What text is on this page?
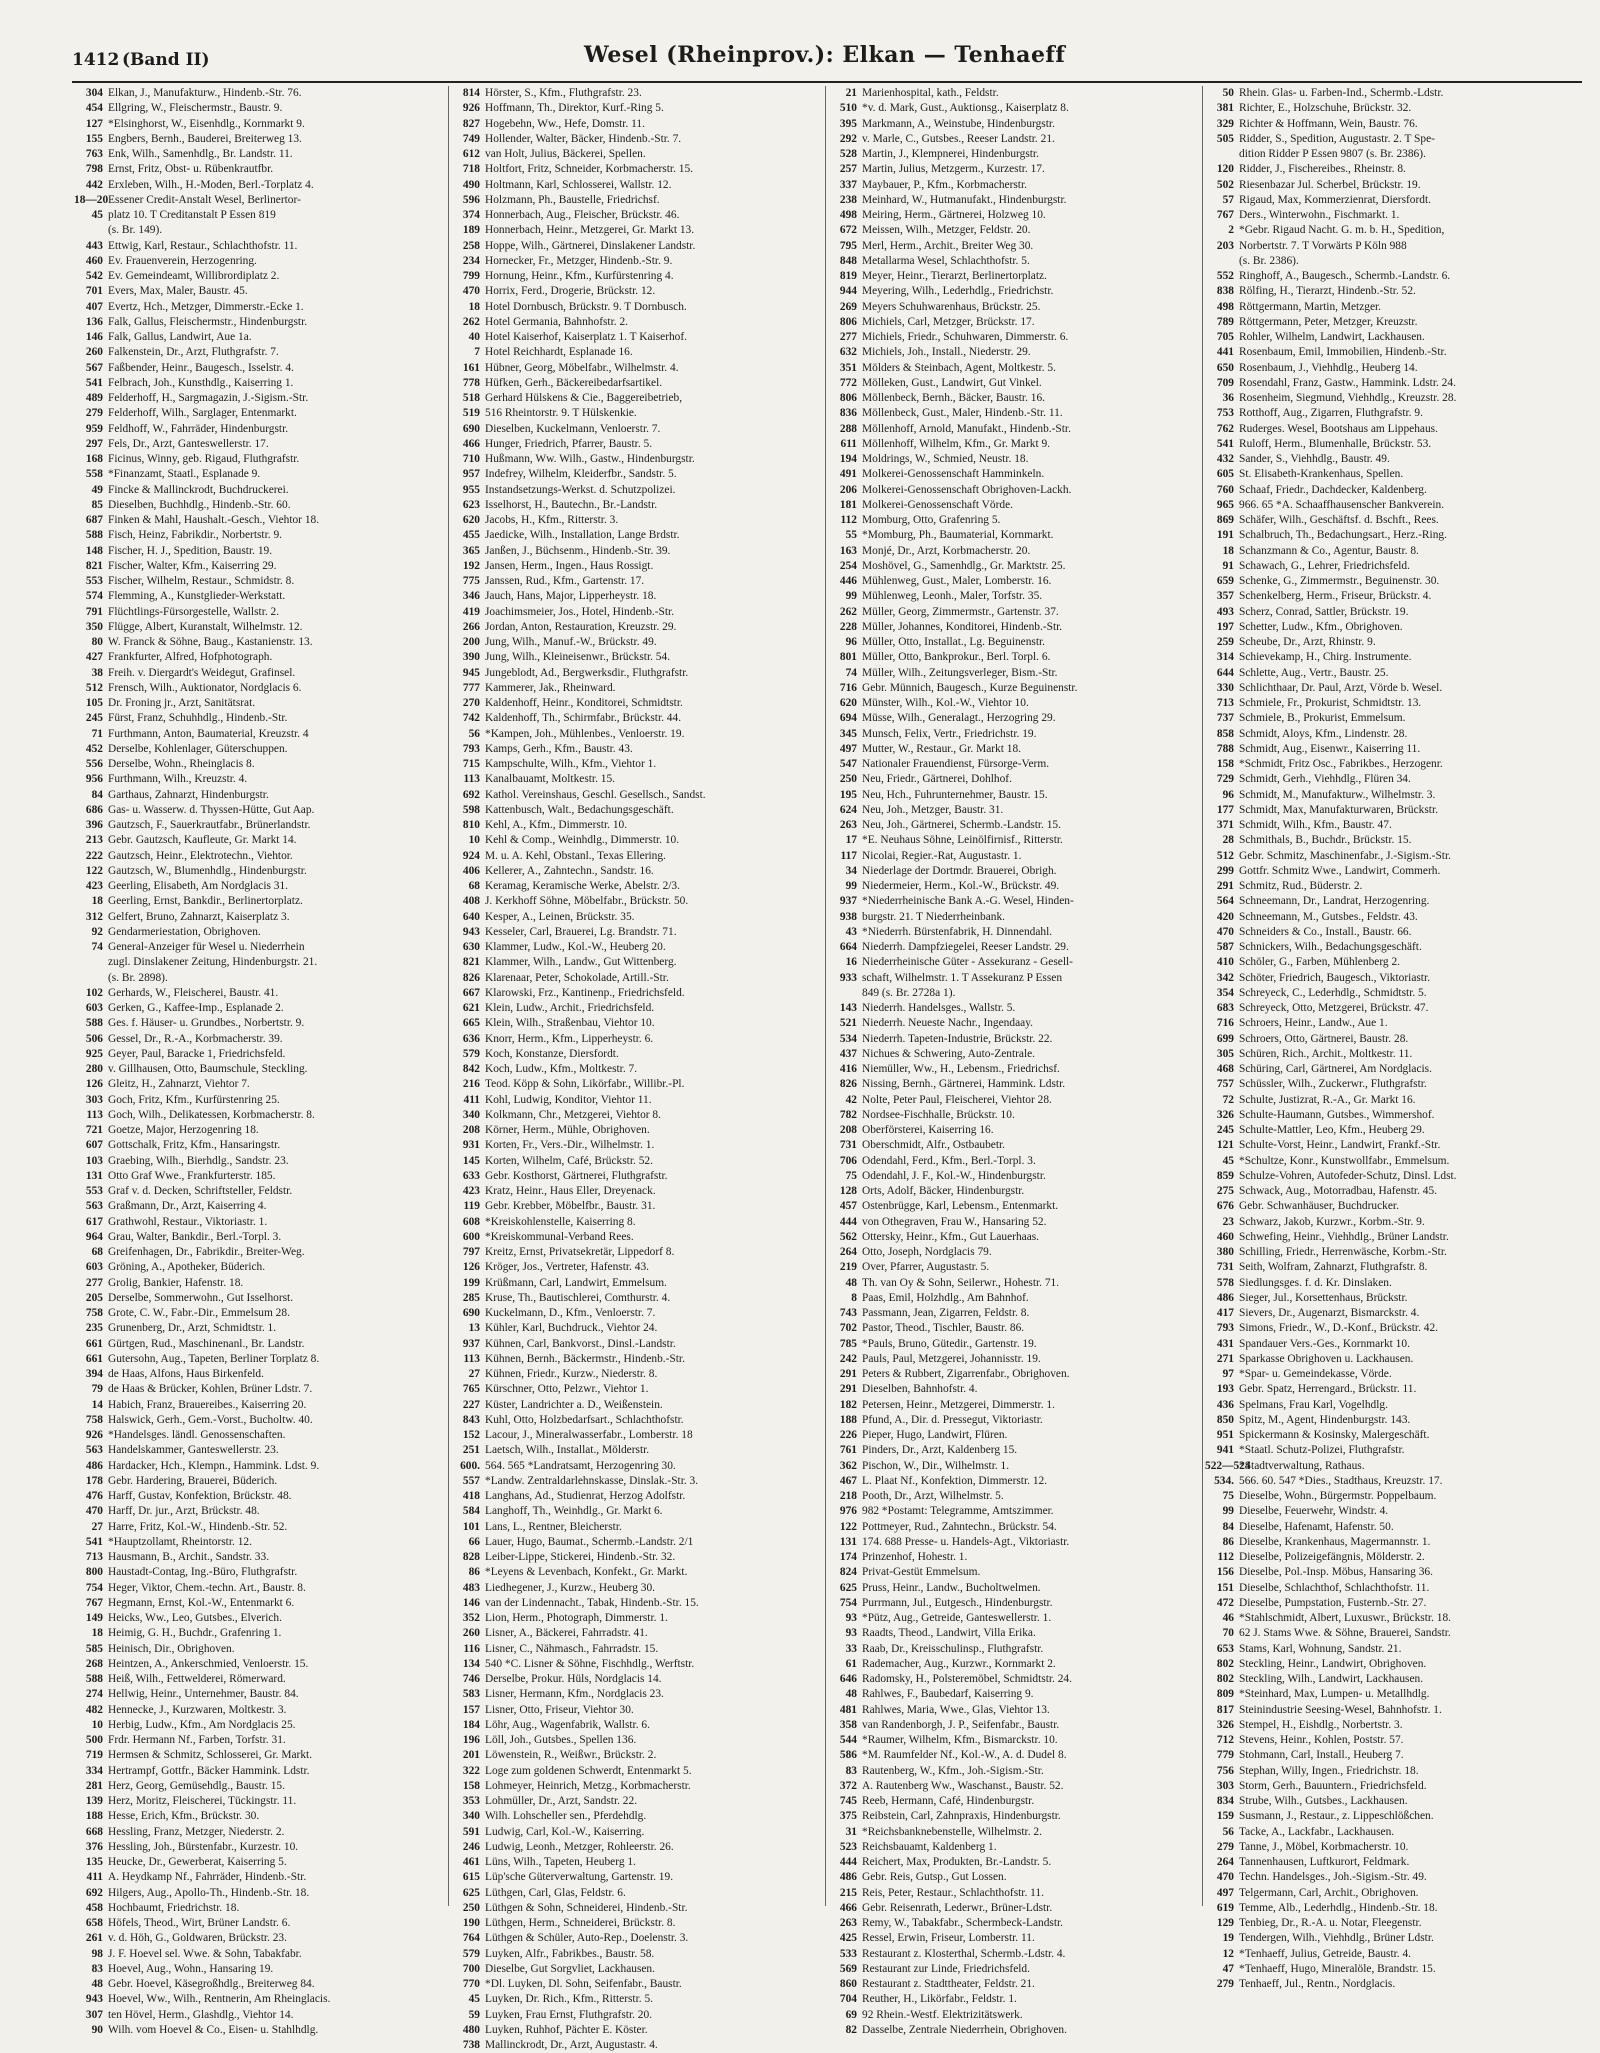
1412 (Band II)	Wesel (Rheinprov.): Elkan — Tenhaeff
304 Elkan, J., Manufakturw., Hindenb.-Str. 76.
454 Ellgring, W., Fleischermstr., Baustr. 9.
127 *Elsinghorst, W., Eisenhdlg., Kornmarkt 9.
155 Engbers, Bernh., Bauderei, Breiterweg 13.
763 Enk, Wilh., Samenhdlg., Br. Landstr. 11.
798 Ernst, Fritz, Obst- u. Rübenkrautfbr.
442 Erxleben, Wilh., H.-Moden, Berl.-Torplatz 4.
18—20 Essener Credit-Anstalt Wesel, Berlinertor-
45 platz 10. T Creditanstalt P Essen 819
(s. Br. 149).
443 Ettwig, Karl, Restaur., Schlachthofstr. 11.
460 Ev. Frauenverein, Herzogenring.
542 Ev. Gemeindeamt, Willibrordiplatz 2.
701 Evers, Max, Maler, Baustr. 45.
407 Evertz, Hch., Metzger, Dimmerstr.-Ecke 1.
136 Falk, Gallus, Fleischermstr., Hindenburgstr.
146 Falk, Gallus, Landwirt, Aue 1a.
260 Falkenstein, Dr., Arzt, Fluthgrafstr. 7.
567 Faßbender, Heinr., Baugesch., Isselstr. 4.
541 Felbrach, Joh., Kunsthdlg., Kaiserring 1.
489 Felderhoff, H., Sargmagazin, J.-Sigism.-Str.
279 Felderhoff, Wilh., Sarglager, Entenmarkt.
959 Feldhoff, W., Fahrräder, Hindenburgstr.
297 Fels, Dr., Arzt, Ganteswellerstr. 17.
168 Ficinus, Winny, geb. Rigaud, Fluthgrafstr.
558 *Finanzamt, Staatl., Esplanade 9.
49 Fincke & Mallinckrodt, Buchdruckerei.
85 Dieselben, Buchhdlg., Hindenb.-Str. 60.
687 Finken & Mahl, Haushalt.-Gesch., Viehtor 18.
588 Fisch, Heinz, Fabrikdir., Norbertstr. 9.
148 Fischer, H. J., Spedition, Baustr. 19.
821 Fischer, Walter, Kfm., Kaiserring 29.
553 Fischer, Wilhelm, Restaur., Schmidstr. 8.
574 Flemming, A., Kunstglieder-Werkstatt.
791 Flüchtlings-Fürsorgestelle, Wallstr. 2.
350 Flügge, Albert, Kuranstalt, Wilhelmstr. 12.
80 W. Franck & Söhne, Baug., Kastanienstr. 13.
427 Frankfurter, Alfred, Hofphotograph.
38 Freih. v. Diergardt's Weidegut, Grafinsel.
512 Frensch, Wilh., Auktionator, Nordglacis 6.
105 Dr. Froning jr., Arzt, Sanitätsrat.
245 Fürst, Franz, Schuhhdlg., Hindenb.-Str.
71 Furthmann, Anton, Baumaterial, Kreuzstr. 4
452 Derselbe, Kohlenlager, Güterschuppen.
556 Derselbe, Wohn., Rheinglacis 8.
956 Furthmann, Wilh., Kreuzstr. 4.
84 Garthaus, Zahnarzt, Hindenburgstr.
686 Gas- u. Wasserw. d. Thyssen-Hütte, Gut Aap.
396 Gautzsch, F., Sauerkrautfabr., Brünerlandstr.
213 Gebr. Gautzsch, Kaufleute, Gr. Markt 14.
222 Gautzsch, Heinr., Elektrotechn., Viehtor.
122 Gautzsch, W., Blumenhdlg., Hindenburgstr.
423 Geerling, Elisabeth, Am Nordglacis 31.
18 Geerling, Ernst, Bankdir., Berlinertorplatz.
312 Gelfert, Bruno, Zahnarzt, Kaiserplatz 3.
92 Gendarmeriestation, Obrighoven.
74 General-Anzeiger für Wesel u. Niederrhein
zugl. Dinslakener Zeitung, Hindenburgstr. 21.
(s. Br. 2898).
102 Gerhards, W., Fleischerei, Baustr. 41.
603 Gerken, G., Kaffee-Imp., Esplanade 2.
588 Ges. f. Häuser- u. Grundbes., Norbertstr. 9.
506 Gessel, Dr., R.-A., Korbmacherstr. 39.
925 Geyer, Paul, Baracke 1, Friedrichsfeld.
280 v. Gillhausen, Otto, Baumschule, Steckling.
126 Gleitz, H., Zahnarzt, Viehtor 7.
303 Goch, Fritz, Kfm., Kurfürstenring 25.
113 Goch, Wilh., Delikatessen, Korbmacherstr. 8.
721 Goetze, Major, Herzogenring 18.
607 Gottschalk, Fritz, Kfm., Hansaringstr.
103 Graebing, Wilh., Bierhdlg., Sandstr. 23.
131 Otto Graf Wwe., Frankfurterstr. 185.
553 Graf v. d. Decken, Schriftsteller, Feldstr.
563 Graßmann, Dr., Arzt, Kaiserring 4.
617 Grathwohl, Restaur., Viktoriastr. 1.
964 Grau, Walter, Bankdir., Berl.-Torpl. 3.
68 Greifenhagen, Dr., Fabrikdir., Breiter-Weg.
603 Gröning, A., Apotheker, Büderich.
277 Grolig, Bankier, Hafenstr. 18.
205 Derselbe, Sommerwohn., Gut Isselhorst.
758 Grote, C. W., Fabr.-Dir., Emmelsum 28.
235 Grunenberg, Dr., Arzt, Schmidtstr. 1.
661 Gürtgen, Rud., Maschinenanl., Br. Landstr.
661 Gutersohn, Aug., Tapeten, Berliner Torplatz 8.
394 de Haas, Alfons, Haus Birkenfeld.
79 de Haas & Brücker, Kohlen, Brüner Ldstr. 7.
14 Habich, Franz, Brauereibes., Kaiserring 20.
758 Halswick, Gerh., Gem.-Vorst., Bucholtw. 40.
926 *Handelsges. ländl. Genossenschaften.
563 Handelskammer, Ganteswellerstr. 23.
486 Hardacker, Hch., Klempn., Hammink. Ldst. 9.
178 Gebr. Hardering, Brauerei, Büderich.
476 Harff, Gustav, Konfektion, Brückstr. 48.
470 Harff, Dr. jur., Arzt, Brückstr. 48.
27 Harre, Fritz, Kol.-W., Hindenb.-Str. 52.
541 *Hauptzollamt, Rheintorstr. 12.
713 Hausmann, B., Archit., Sandstr. 33.
800 Haustadt-Contag, Ing.-Büro, Fluthgrafstr.
754 Heger, Viktor, Chem.-techn. Art., Baustr. 8.
767 Hegmann, Ernst, Kol.-W., Entenmarkt 6.
149 Heicks, Ww., Leo, Gutsbes., Elverich.
18 Heimig, G. H., Buchdr., Grafenring 1.
585 Heinisch, Dir., Obrighoven.
268 Heintzen, A., Ankerschmied, Venloerstr. 15.
588 Heiß, Wilh., Fettwelderei, Römerward.
274 Hellwig, Heinr., Unternehmer, Baustr. 84.
482 Hennecke, J., Kurzwaren, Moltkestr. 3.
10 Herbig, Ludw., Kfm., Am Nordglacis 25.
500 Frdr. Hermann Nf., Farben, Torfstr. 31.
719 Hermsen & Schmitz, Schlosserei, Gr. Markt.
334 Hertrampf, Gottfr., Bäcker Hammink. Ldstr.
281 Herz, Georg, Gemüsehdlg., Baustr. 15.
139 Herz, Moritz, Fleischerei, Tückingstr. 11.
188 Hesse, Erich, Kfm., Brückstr. 30.
668 Hessling, Franz, Metzger, Niederstr. 2.
376 Hessling, Joh., Bürstenfabr., Kurzestr. 10.
135 Heucke, Dr., Gewerberat, Kaiserring 5.
411 A. Heydkamp Nf., Fahrräder, Hindenb.-Str.
692 Hilgers, Aug., Apollo-Th., Hindenb.-Str. 18.
458 Hochbaumt, Friedrichstr. 18.
658 Höfels, Theod., Wirt, Brüner Landstr. 6.
261 v. d. Höh, G., Goldwaren, Brückstr. 23.
98 J. F. Hoevel sel. Wwe. & Sohn, Tabakfabr.
83 Hoevel, Aug., Wohn., Hansaring 19.
48 Gebr. Hoevel, Käsegroßhdlg., Breiterweg 84.
943 Hoevel, Ww., Wilh., Rentnerin, Am Rheinglacis.
307 ten Hövel, Herm., Glashdlg., Viehtor 14.
90 Wilh. vom Hoevel & Co., Eisen- u. Stahlhdlg.
814 Hörster, S., Kfm., Fluthgrafstr. 23.
926 Hoffmann, Th., Direktor, Kurf.-Ring 5.
827 Hogebehn, Ww., Hefe, Domstr. 11.
749 Hollender, Walter, Bäcker, Hindenb.-Str. 7.
612 van Holt, Julius, Bäckerei, Spellen.
718 Holtfort, Fritz, Schneider, Korbmacherstr. 15.
490 Holtmann, Karl, Schlosserei, Wallstr. 12.
596 Holzmann, Ph., Baustelle, Friedrichsf.
374 Honnerbach, Aug., Fleischer, Brückstr. 46.
189 Honnerbach, Heinr., Metzgerei, Gr. Markt 13.
258 Hoppe, Wilh., Gärtnerei, Dinslakener Landstr.
234 Hornecker, Fr., Metzger, Hindenb.-Str. 9.
799 Hornung, Heinr., Kfm., Kurfürstenring 4.
470 Horrix, Ferd., Drogerie, Brückstr. 12.
18 Hotel Dornbusch, Brückstr. 9. T Dornbusch.
262 Hotel Germania, Bahnhofstr. 2.
40 Hotel Kaiserhof, Kaiserplatz 1. T Kaiserhof.
7 Hotel Reichhardt, Esplanade 16.
161 Hübner, Georg, Möbelfabr., Wilhelmstr. 4.
778 Hüfken, Gerh., Bäckereibedarfsartikel.
518 Gerhard Hülskens & Cie., Baggereibetrieb,
519 516 Rheintorstr. 9. T Hülskenkie.
690 Dieselben, Kuckelmann, Venloerstr. 7.
466 Hunger, Friedrich, Pfarrer, Baustr. 5.
710 Hußmann, Ww. Wilh., Gastw., Hindenburgstr.
957 Indefrey, Wilhelm, Kleiderfbr., Sandstr. 5.
955 Instandsetzungs-Werkst. d. Schutzpolizei.
623 Isselhorst, H., Bautechn., Br.-Landstr.
620 Jacobs, H., Kfm., Ritterstr. 3.
455 Jaedicke, Wilh., Installation, Lange Brdstr.
365 Janßen, J., Büchsenm., Hindenb.-Str. 39.
192 Jansen, Herm., Ingen., Haus Rossigt.
775 Janssen, Rud., Kfm., Gartenstr. 17.
346 Jauch, Hans, Major, Lipperheystr. 18.
419 Joachimsmeier, Jos., Hotel, Hindenb.-Str.
266 Jordan, Anton, Restauration, Kreuzstr. 29.
200 Jung, Wilh., Manuf.-W., Brückstr. 49.
390 Jung, Wilh., Kleineisenwr., Brückstr. 54.
945 Jungeblodt, Ad., Bergwerksdir., Fluthgrafstr.
777 Kammerer, Jak., Rheinward.
270 Kaldenhoff, Heinr., Konditorei, Schmidtstr.
742 Kaldenhoff, Th., Schirmfabr., Brückstr. 44.
56 *Kampen, Joh., Mühlenbes., Venloerstr. 19.
793 Kamps, Gerh., Kfm., Baustr. 43.
715 Kampschulte, Wilh., Kfm., Viehtor 1.
113 Kanalbauamt, Moltkestr. 15.
692 Kathol. Vereinshaus, Geschl. Gesellsch., Sandst.
598 Kattenbusch, Walt., Bedachungsgeschäft.
810 Kehl, A., Kfm., Dimmerstr. 10.
10 Kehl & Comp., Weinhdlg., Dimmerstr. 10.
924 M. u. A. Kehl, Obstanl., Texas Ellering.
406 Kellerer, A., Zahntechn., Sandstr. 16.
68 Keramag, Keramische Werke, Abelstr. 2/3.
408 J. Kerkhoff Söhne, Möbelfabr., Brückstr. 50.
640 Kesper, A., Leinen, Brückstr. 35.
943 Kesseler, Carl, Brauerei, Lg. Brandstr. 71.
630 Klammer, Ludw., Kol.-W., Heuberg 20.
821 Klammer, Wilh., Landw., Gut Wittenberg.
826 Klarenaar, Peter, Schokolade, Artill.-Str.
667 Klarowski, Frz., Kantinenp., Friedrichsfeld.
621 Klein, Ludw., Archit., Friedrichsfeld.
665 Klein, Wilh., Straßenbau, Viehtor 10.
636 Knorr, Herm., Kfm., Lipperheystr. 6.
579 Koch, Konstanze, Diersfordt.
842 Koch, Ludw., Kfm., Moltkestr. 7.
216 Teod. Köpp & Sohn, Likörfabr., Willibr.-Pl.
411 Kohl, Ludwig, Konditor, Viehtor 11.
340 Kolkmann, Chr., Metzgerei, Viehtor 8.
208 Körner, Herm., Mühle, Obrighoven.
931 Korten, Fr., Vers.-Dir., Wilhelmstr. 1.
145 Korten, Wilhelm, Café, Brückstr. 52.
633 Gebr. Kosthorst, Gärtnerei, Fluthgrafstr.
423 Kratz, Heinr., Haus Eller, Dreyenack.
119 Gebr. Krebber, Möbelfbr., Baustr. 31.
608 *Kreiskohlenstelle, Kaiserring 8.
600 *Kreiskommunal-Verband Rees.
797 Kreitz, Ernst, Privatsekretär, Lippedorf 8.
126 Kröger, Jos., Vertreter, Hafenstr. 43.
199 Krüßmann, Carl, Landwirt, Emmelsum.
285 Kruse, Th., Bautischlerei, Comthurstr. 4.
690 Kuckelmann, D., Kfm., Venloerstr. 7.
13 Kühler, Karl, Buchdruck., Viehtor 24.
937 Kühnen, Carl, Bankvorst., Dinsl.-Landstr.
113 Kühnen, Bernh., Bäckermstr., Hindenb.-Str.
27 Kühnen, Friedr., Kurzw., Niederstr. 8.
765 Kürschner, Otto, Pelzwr., Viehtor 1.
227 Küster, Landrichter a. D., Weißenstein.
843 Kuhl, Otto, Holzbedarfsart., Schlachthofstr.
152 Lacour, J., Mineralwasserfabr., Lomberstr. 18
251 Laetsch, Wilh., Installat., Mölderstr.
600. 564. 565 *Landratsamt, Herzogenring 30.
557 *Landw. Zentraldarlehnskasse, Dinslak.-Str. 3.
418 Langhans, Ad., Studienrat, Herzog Adolfstr.
584 Langhoff, Th., Weinhdlg., Gr. Markt 6.
101 Lans, L., Rentner, Bleicherstr.
66 Lauer, Hugo, Baumat., Schermb.-Landstr. 2/1
828 Leiber-Lippe, Stickerei, Hindenb.-Str. 32.
86 *Leyens & Levenbach, Konfekt., Gr. Markt.
483 Liedhegener, J., Kurzw., Heuberg 30.
146 van der Lindennacht., Tabak, Hindenb.-Str. 15.
352 Lion, Herm., Photograph, Dimmerstr. 1.
260 Lisner, A., Bäckerei, Fahrradstr. 41.
116 Lisner, C., Nähmasch., Fahrradstr. 15.
134 540 *C. Lisner & Söhne, Fischhdlg., Werftstr.
746 Derselbe, Prokur. Hüls, Nordglacis 14.
583 Lisner, Hermann, Kfm., Nordglacis 23.
157 Lisner, Otto, Friseur, Viehtor 30.
184 Löhr, Aug., Wagenfabrik, Wallstr. 6.
196 Löll, Joh., Gutsbes., Spellen 136.
201 Löwenstein, R., Weißwr., Brückstr. 2.
322 Loge zum goldenen Schwerdt, Entenmarkt 5.
158 Lohmeyer, Heinrich, Metzg., Korbmacherstr.
353 Lohmüller, Dr., Arzt, Sandstr. 22.
340 Wilh. Lohscheller sen., Pferdehdlg.
591 Ludwig, Carl, Kol.-W., Kaiserring.
246 Ludwig, Leonh., Metzger, Rohleerstr. 26.
461 Lüns, Wilh., Tapeten, Heuberg 1.
615 Lüp'sche Güterverwaltung, Gartenstr. 19.
625 Lüthgen, Carl, Glas, Feldstr. 6.
250 Lüthgen & Sohn, Schneiderei, Hindenb.-Str.
190 Lüthgen, Herm., Schneiderei, Brückstr. 8.
764 Lüthgen & Schüler, Auto-Rep., Doelenstr. 3.
579 Luyken, Alfr., Fabrikbes., Baustr. 58.
700 Dieselbe, Gut Sorgvliet, Lackhausen.
770 *Dl. Luyken, Dl. Sohn, Seifenfabr., Baustr.
45 Luyken, Dr. Rich., Kfm., Ritterstr. 5.
59 Luyken, Frau Ernst, Fluthgrafstr. 20.
480 Luyken, Ruhhof, Pächter E. Köster.
738 Mallinckrodt, Dr., Arzt, Augustastr. 4.
21 Marienhospital, kath., Feldstr.
510 *v. d. Mark, Gust., Auktionsg., Kaiserplatz 8.
395 Markmann, A., Weinstube, Hindenburgstr.
292 v. Marle, C., Gutsbes., Reeser Landstr. 21.
528 Martin, J., Klempnerei, Hindenburgstr.
257 Martin, Julius, Metzgerm., Kurzestr. 17.
337 Maybauer, P., Kfm., Korbmacherstr.
238 Meinhard, W., Hutmanufakt., Hindenburgstr.
498 Meiring, Herm., Gärtnerei, Holzweg 10.
672 Meissen, Wilh., Metzger, Feldstr. 20.
795 Merl, Herm., Archit., Breiter Weg 30.
848 Metallarma Wesel, Schlachthofstr. 5.
819 Meyer, Heinr., Tierarzt, Berlinertorplatz.
944 Meyering, Wilh., Lederhdlg., Friedrichstr.
269 Meyers Schuhwarenhaus, Brückstr. 25.
806 Michiels, Carl, Metzger, Brückstr. 17.
277 Michiels, Friedr., Schuhwaren, Dimmerstr. 6.
632 Michiels, Joh., Install., Niederstr. 29.
351 Mölders & Steinbach, Agent, Moltkestr. 5.
772 Mölleken, Gust., Landwirt, Gut Vinkel.
806 Möllenbeck, Bernh., Bäcker, Baustr. 16.
836 Möllenbeck, Gust., Maler, Hindenb.-Str. 11.
288 Möllenhoff, Arnold, Manufakt., Hindenb.-Str.
611 Möllenhoff, Wilhelm, Kfm., Gr. Markt 9.
194 Moldrings, W., Schmied, Neustr. 18.
491 Molkerei-Genossenschaft Hamminkeln.
206 Molkerei-Genossenschaft Obrighoven-Lackh.
181 Molkerei-Genossenschaft Vörde.
112 Momburg, Otto, Grafenring 5.
55 *Momburg, Ph., Baumaterial, Kornmarkt.
163 Monjé, Dr., Arzt, Korbmacherstr. 20.
254 Moshövel, G., Samenhdlg., Gr. Marktstr. 25.
446 Mühlenweg, Gust., Maler, Lomberstr. 16.
99 Mühlenweg, Leonh., Maler, Torfstr. 35.
262 Müller, Georg, Zimmermstr., Gartenstr. 37.
228 Müller, Johannes, Konditorei, Hindenb.-Str.
96 Müller, Otto, Installat., Lg. Beguinenstr.
801 Müller, Otto, Bankprokur., Berl. Torpl. 6.
74 Müller, Wilh., Zeitungsverleger, Bism.-Str.
716 Gebr. Münnich, Baugesch., Kurze Beguinenstr.
620 Münster, Wilh., Kol.-W., Viehtor 10.
694 Müsse, Wilh., Generalagt., Herzogring 29.
345 Munsch, Felix, Vertr., Friedrichstr. 19.
497 Mutter, W., Restaur., Gr. Markt 18.
547 Nationaler Frauendienst, Fürsorge-Verm.
250 Neu, Friedr., Gärtnerei, Dohlhof.
195 Neu, Hch., Fuhrunternehmer, Baustr. 15.
624 Neu, Joh., Metzger, Baustr. 31.
263 Neu, Joh., Gärtnerei, Schermb.-Landstr. 15.
17 *E. Neuhaus Söhne, Leinölfirnisf., Ritterstr.
117 Nicolai, Regier.-Rat, Augustastr. 1.
34 Niederlage der Dortmdr. Brauerei, Obrigh.
99 Niedermeier, Herm., Kol.-W., Brückstr. 49.
937 *Niederrheinische Bank A.-G. Wesel, Hinden-
938 burgstr. 21. T Niederrheinbank.
43 *Niederrh. Bürstenfabrik, H. Dinnendahl.
664 Niederrh. Dampfziegelei, Reeser Landstr. 29.
16 Niederrheinische Güter - Assekuranz - Gesell-
933 schaft, Wilhelmstr. 1. T Assekuranz P Essen
849 (s. Br. 2728a 1).
143 Niederrh. Handelsges., Wallstr. 5.
521 Niederrh. Neueste Nachr., Ingendaay.
534 Niederrh. Tapeten-Industrie, Brückstr. 22.
437 Nichues & Schwering, Auto-Zentrale.
416 Niemüller, Ww., H., Lebensm., Friedrichsf.
826 Nissing, Bernh., Gärtnerei, Hammink. Ldstr.
42 Nolte, Peter Paul, Fleischerei, Viehtor 28.
782 Nordsee-Fischhalle, Brückstr. 10.
208 Oberförsterei, Kaiserring 16.
731 Oberschmidt, Alfr., Ostbaubetr.
706 Odendahl, Ferd., Kfm., Berl.-Torpl. 3.
75 Odendahl, J. F., Kol.-W., Hindenburgstr.
128 Orts, Adolf, Bäcker, Hindenburgstr.
457 Ostenbrügge, Karl, Lebensm., Entenmarkt.
444 von Othegraven, Frau W., Hansaring 52.
562 Ottersky, Heinr., Kfm., Gut Lauerhaas.
264 Otto, Joseph, Nordglacis 79.
219 Over, Pfarrer, Augustastr. 5.
48 Th. van Oy & Sohn, Seilerwr., Hohestr. 71.
8 Paas, Emil, Holzhdlg., Am Bahnhof.
743 Passmann, Jean, Zigarren, Feldstr. 8.
702 Pastor, Theod., Tischler, Baustr. 86.
785 *Pauls, Bruno, Gütedir., Gartenstr. 19.
242 Pauls, Paul, Metzgerei, Johannisstr. 19.
291 Peters & Rubbert, Zigarrenfabr., Obrighoven.
291 Dieselben, Bahnhofstr. 4.
182 Petersen, Heinr., Metzgerei, Dimmerstr. 1.
188 Pfund, A., Dir. d. Pressegut, Viktoriastr.
226 Pieper, Hugo, Landwirt, Flüren.
761 Pinders, Dr., Arzt, Kaldenberg 15.
362 Pischon, W., Dir., Wilhelmstr. 1.
467 L. Plaat Nf., Konfektion, Dimmerstr. 12.
218 Pooth, Dr., Arzt, Wilhelmstr. 5.
976 982 *Postamt: Telegramme, Amtszimmer.
122 Pottmeyer, Rud., Zahntechn., Brückstr. 54.
131 174. 688 Presse- u. Handels-Agt., Viktoriastr.
174 Prinzenhof, Hohestr. 1.
824 Privat-Gestüt Emmelsum.
625 Pruss, Heinr., Landw., Bucholtwelmen.
754 Purrmann, Jul., Eutgesch., Hindenburgstr.
93 *Pütz, Aug., Getreide, Ganteswellerstr. 1.
93 Raadts, Theod., Landwirt, Villa Erika.
33 Raab, Dr., Kreisschulinsp., Fluthgrafstr.
61 Rademacher, Aug., Kurzwr., Kornmarkt 2.
646 Radomsky, H., Polsteremöbel, Schmidtstr. 24.
48 Rahlwes, F., Baubedarf, Kaiserring 9.
481 Rahlwes, Maria, Wwe., Glas, Viehtor 13.
358 van Randenborgh, J. P., Seifenfabr., Baustr.
544 *Raumer, Wilhelm, Kfm., Bismarckstr. 10.
586 *M. Raumfelder Nf., Kol.-W., A. d. Dudel 8.
83 Rautenberg, W., Kfm., Joh.-Sigism.-Str.
372 A. Rautenberg Ww., Waschanst., Baustr. 52.
745 Reeb, Hermann, Café, Hindenburgstr.
375 Reibstein, Carl, Zahnpraxis, Hindenburgstr.
31 *Reichsbanknebenstelle, Wilhelmstr. 2.
523 Reichsbauamt, Kaldenberg 1.
444 Reichert, Max, Produkten, Br.-Landstr. 5.
486 Gebr. Reis, Gutsp., Gut Lossen.
215 Reis, Peter, Restaur., Schlachthofstr. 11.
466 Gebr. Reisenrath, Lederwr., Brüner-Ldstr.
263 Remy, W., Tabakfabr., Schermbeck-Landstr.
425 Ressel, Erwin, Friseur, Lomberstr. 11.
533 Restaurant z. Klosterthal, Schermb.-Ldstr. 4.
569 Restaurant zur Linde, Friedrichsfeld.
860 Restaurant z. Stadttheater, Feldstr. 21.
704 Reuther, H., Likörfabr., Feldstr. 1.
69 92 Rhein.-Westf. Elektrizitätswerk.
82 Dasselbe, Zentrale Niederrhein, Obrighoven.
50 Rhein. Glas- u. Farben-Ind., Schermb.-Ldstr.
381 Richter, E., Holzschuhe, Brückstr. 32.
329 Richter & Hoffmann, Wein, Baustr. 76.
505 Ridder, S., Spedition, Augustastr. 2. T Spe-
dition Ridder P Essen 9807 (s. Br. 2386).
120 Ridder, J., Fischereibes., Rheinstr. 8.
502 Riesenbazar Jul. Scherbel, Brückstr. 19.
57 Rigaud, Max, Kommerzienrat, Diersfordt.
767 Ders., Winterwohn., Fischmarkt. 1.
2 *Gebr. Rigaud Nacht. G. m. b. H., Spedition,
203 Norbertstr. 7. T Vorwärts P Köln 988
(s. Br. 2386).
552 Ringhoff, A., Baugesch., Schermb.-Landstr. 6.
838 Rölfing, H., Tierarzt, Hindenb.-Str. 52.
498 Röttgermann, Martin, Metzger.
789 Röttgermann, Peter, Metzger, Kreuzstr.
705 Rohler, Wilhelm, Landwirt, Lackhausen.
441 Rosenbaum, Emil, Immobilien, Hindenb.-Str.
650 Rosenbaum, J., Viehhdlg., Heuberg 14.
709 Rosendahl, Franz, Gastw., Hammink. Ldstr. 24.
36 Rosenheim, Siegmund, Viehhdlg., Kreuzstr. 28.
753 Rotthoff, Aug., Zigarren, Fluthgrafstr. 9.
762 Ruderges. Wesel, Bootshaus am Lippehaus.
541 Ruloff, Herm., Blumenhalle, Brückstr. 53.
432 Sander, S., Viehhdlg., Baustr. 49.
605 St. Elisabeth-Krankenhaus, Spellen.
760 Schaaf, Friedr., Dachdecker, Kaldenberg.
965 966. 65 *A. Schaaffhausenscher Bankverein.
869 Schäfer, Wilh., Geschäftsf. d. Bschft., Rees.
191 Schalbruch, Th., Bedachungsart., Herz.-Ring.
18 Schanzmann & Co., Agentur, Baustr. 8.
91 Schawach, G., Lehrer, Friedrichsfeld.
659 Schenke, G., Zimmermstr., Beguinenstr. 30.
357 Schenkelberg, Herm., Friseur, Brückstr. 4.
493 Scherz, Conrad, Sattler, Brückstr. 19.
197 Schetter, Ludw., Kfm., Obrighoven.
259 Scheube, Dr., Arzt, Rhinstr. 9.
314 Schievekamp, H., Chirg. Instrumente.
644 Schlette, Aug., Vertr., Baustr. 25.
330 Schlichthaar, Dr. Paul, Arzt, Vörde b. Wesel.
713 Schmiele, Fr., Prokurist, Schmidtstr. 13.
737 Schmiele, B., Prokurist, Emmelsum.
858 Schmidt, Aloys, Kfm., Lindenstr. 28.
788 Schmidt, Aug., Eisenwr., Kaiserring 11.
158 *Schmidt, Fritz Osc., Fabrikbes., Herzogenr.
729 Schmidt, Gerh., Viehhdlg., Flüren 34.
96 Schmidt, M., Manufakturw., Wilhelmstr. 3.
177 Schmidt, Max, Manufakturwaren, Brückstr.
371 Schmidt, Wilh., Kfm., Baustr. 47.
28 Schmithals, B., Buchdr., Brückstr. 15.
512 Gebr. Schmitz, Maschinenfabr., J.-Sigism.-Str.
299 Gottfr. Schmitz Wwe., Landwirt, Commerh.
291 Schmitz, Rud., Büderstr. 2.
564 Schneemann, Dr., Landrat, Herzogenring.
420 Schneemann, M., Gutsbes., Feldstr. 43.
470 Schneiders & Co., Install., Baustr. 66.
587 Schnickers, Wilh., Bedachungsgeschäft.
410 Schöler, G., Farben, Mühlenberg 2.
342 Schöter, Friedrich, Baugesch., Viktoriastr.
354 Schreyeck, C., Lederhdlg., Schmidtstr. 5.
683 Schreyeck, Otto, Metzgerei, Brückstr. 47.
716 Schroers, Heinr., Landw., Aue 1.
699 Schroers, Otto, Gärtnerei, Baustr. 28.
305 Schüren, Rich., Archit., Moltkestr. 11.
468 Schüring, Carl, Gärtnerei, Am Nordglacis.
757 Schüssler, Wilh., Zuckerwr., Fluthgrafstr.
72 Schulte, Justizrat, R.-A., Gr. Markt 16.
326 Schulte-Haumann, Gutsbes., Wimmershof.
245 Schulte-Mattler, Leo, Kfm., Heuberg 29.
121 Schulte-Vorst, Heinr., Landwirt, Frankf.-Str.
45 *Schultze, Konr., Kunstwollfabr., Emmelsum.
859 Schulze-Vohren, Autofeder-Schutz, Dinsl. Ldst.
275 Schwack, Aug., Motorradbau, Hafenstr. 45.
676 Gebr. Schwanhäuser, Buchdrucker.
23 Schwarz, Jakob, Kurzwr., Korbm.-Str. 9.
460 Schwefing, Heinr., Viehhdlg., Brüner Landstr.
380 Schilling, Friedr., Herrenwäsche, Korbm.-Str.
731 Seith, Wolfram, Zahnarzt, Fluthgrafstr. 8.
578 Siedlungsges. f. d. Kr. Dinslaken.
486 Sieger, Jul., Korsettenhaus, Brückstr.
417 Sievers, Dr., Augenarzt, Bismarckstr. 4.
793 Simons, Friedr., W., D.-Konf., Brückstr. 42.
431 Spandauer Vers.-Ges., Kornmarkt 10.
271 Sparkasse Obrighoven u. Lackhausen.
97 *Spar- u. Gemeindekasse, Vörde.
193 Gebr. Spatz, Herrengard., Brückstr. 11.
436 Spelmans, Frau Karl, Vogelhdlg.
850 Spitz, M., Agent, Hindenburgstr. 143.
951 Spickermann & Kosinsky, Malergeschäft.
941 *Staatl. Schutz-Polizei, Fluthgrafstr.
522—524
*Stadtverwaltung, Rathaus.
534. 566. 60. 547 *Dies., Stadthaus, Kreuzstr. 17.
75 Dieselbe, Wohn., Bürgermstr. Poppelbaum.
99 Dieselbe, Feuerwehr, Windstr. 4.
84 Dieselbe, Hafenamt, Hafenstr. 50.
86 Dieselbe, Krankenhaus, Magermannstr. 1.
112 Dieselbe, Polizeigefängnis, Mölderstr. 2.
156 Dieselbe, Pol.-Insp. Möbus, Hansaring 36.
151 Dieselbe, Schlachthof, Schlachthofstr. 11.
472 Dieselbe, Pumpstation, Fusternb.-Str. 27.
46 *Stahlschmidt, Albert, Luxuswr., Brückstr. 18.
70 62 J. Stams Wwe. & Söhne, Brauerei, Sandstr.
653 Stams, Karl, Wohnung, Sandstr. 21.
802 Steckling, Heinr., Landwirt, Obrighoven.
802 Steckling, Wilh., Landwirt, Lackhausen.
809 *Steinhard, Max, Lumpen- u. Metallhdlg.
817 Steinindustrie Seesing-Wesel, Bahnhofstr. 1.
326 Stempel, H., Eishdlg., Norbertstr. 3.
712 Stevens, Heinr., Kohlen, Poststr. 57.
779 Stohmann, Carl, Install., Heuberg 7.
756 Stephan, Willy, Ingen., Friedrichstr. 18.
303 Storm, Gerh., Bauuntern., Friedrichsfeld.
834 Strube, Wilh., Gutsbes., Lackhausen.
159 Susmann, J., Restaur., z. Lippeschlößchen.
56 Tacke, A., Lackfabr., Lackhausen.
279 Tanne, J., Möbel, Korbmacherstr. 10.
264 Tannenhausen, Luftkurort, Feldmark.
470 Techn. Handelsges., Joh.-Sigism.-Str. 49.
497 Telgermann, Carl, Archit., Obrighoven.
619 Temme, Alb., Lederhdlg., Hindenb.-Str. 18.
129 Tenbieg, Dr., R.-A. u. Notar, Fleegenstr.
19 Tendergen, Wilh., Viehhdlg., Brüner Ldstr.
12 *Tenhaeff, Julius, Getreide, Baustr. 4.
47 *Tenhaeff, Hugo, Mineralöle, Brandstr. 15.
279 Tenhaeff, Jul., Rentn., Nordglacis.
